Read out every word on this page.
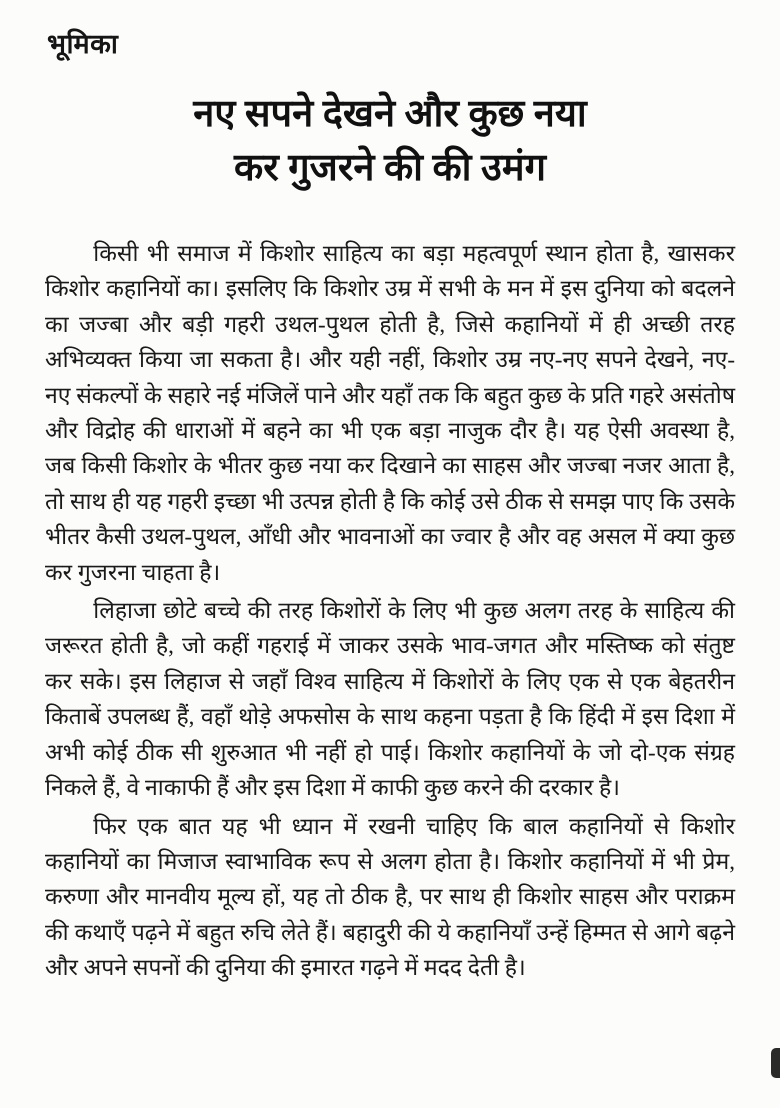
भूमिका
नए सपने देखने और कुछ नया
कर गुजरने की की उमंग

किसी भी समाज में किशोर साहित्य का बड़ा महत्वपूर्ण स्थान होता है, खासकर किशोर कहानियों का। इसलिए कि किशोर उम्र में सभी के मन में इस दुनिया को बदलने का जज्बा और बड़ी गहरी उथल-पुथल होती है, जिसे कहानियों में ही अच्छी तरह अभिव्यक्त किया जा सकता है। और यही नहीं, किशोर उम्र नए-नए सपने देखने, नए-नए संकल्पों के सहारे नई मंजिलें पाने और यहाँ तक कि बहुत कुछ के प्रति गहरे असंतोष और विद्रोह की धाराओं में बहने का भी एक बड़ा नाजुक दौर है। यह ऐसी अवस्था है, जब किसी किशोर के भीतर कुछ नया कर दिखाने का साहस और जज्बा नजर आता है, तो साथ ही यह गहरी इच्छा भी उत्पन्न होती है कि कोई उसे ठीक से समझ पाए कि उसके भीतर कैसी उथल-पुथल, आँधी और भावनाओं का ज्वार है और वह असल में क्या कुछ कर गुजरना चाहता है।

लिहाजा छोटे बच्चे की तरह किशोरों के लिए भी कुछ अलग तरह के साहित्य की जरूरत होती है, जो कहीं गहराई में जाकर उसके भाव-जगत और मस्तिष्क को संतुष्ट कर सके। इस लिहाज से जहाँ विश्व साहित्य में किशोरों के लिए एक से एक बेहतरीन किताबें उपलब्ध हैं, वहाँ थोड़े अफसोस के साथ कहना पड़ता है कि हिंदी में इस दिशा में अभी कोई ठीक सी शुरुआत भी नहीं हो पाई। किशोर कहानियों के जो दो-एक संग्रह निकले हैं, वे नाकाफी हैं और इस दिशा में काफी कुछ करने की दरकार है।

फिर एक बात यह भी ध्यान में रखनी चाहिए कि बाल कहानियों से किशोर कहानियों का मिजाज स्वाभाविक रूप से अलग होता है। किशोर कहानियों में भी प्रेम, करुणा और मानवीय मूल्य हों, यह तो ठीक है, पर साथ ही किशोर साहस और पराक्रम की कथाएँ पढ़ने में बहुत रुचि लेते हैं। बहादुरी की ये कहानियाँ उन्हें हिम्मत से आगे बढ़ने और अपने सपनों की दुनिया की इमारत गढ़ने में मदद देती है।
